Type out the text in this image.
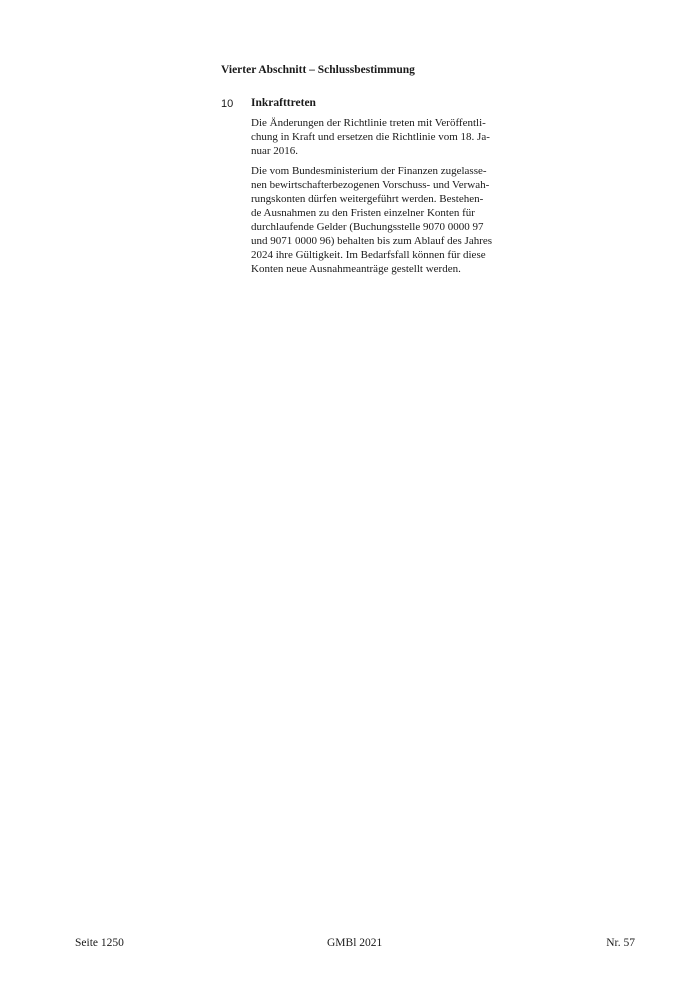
Vierter Abschnitt – Schlussbestimmung
10 Inkrafttreten

Die Änderungen der Richtlinie treten mit Veröffentli-
chung in Kraft und ersetzen die Richtlinie vom 18. Ja-
nuar 2016.

Die vom Bundesministerium der Finanzen zugelasse-
nen bewirtschafterbezogenen Vorschuss- und Verwah-
rungskonten dürfen weitergeführt werden. Bestehen-
de Ausnahmen zu den Fristen einzelner Konten für
durchlaufende Gelder (Buchungsstelle 9070 0000 97
und 9071 0000 96) behalten bis zum Ablauf des Jahres
2024 ihre Gültigkeit. Im Bedarfsfall können für diese
Konten neue Ausnahmeanträge gestellt werden.

Seite 1250	GMBl 2021	Nr. 57
